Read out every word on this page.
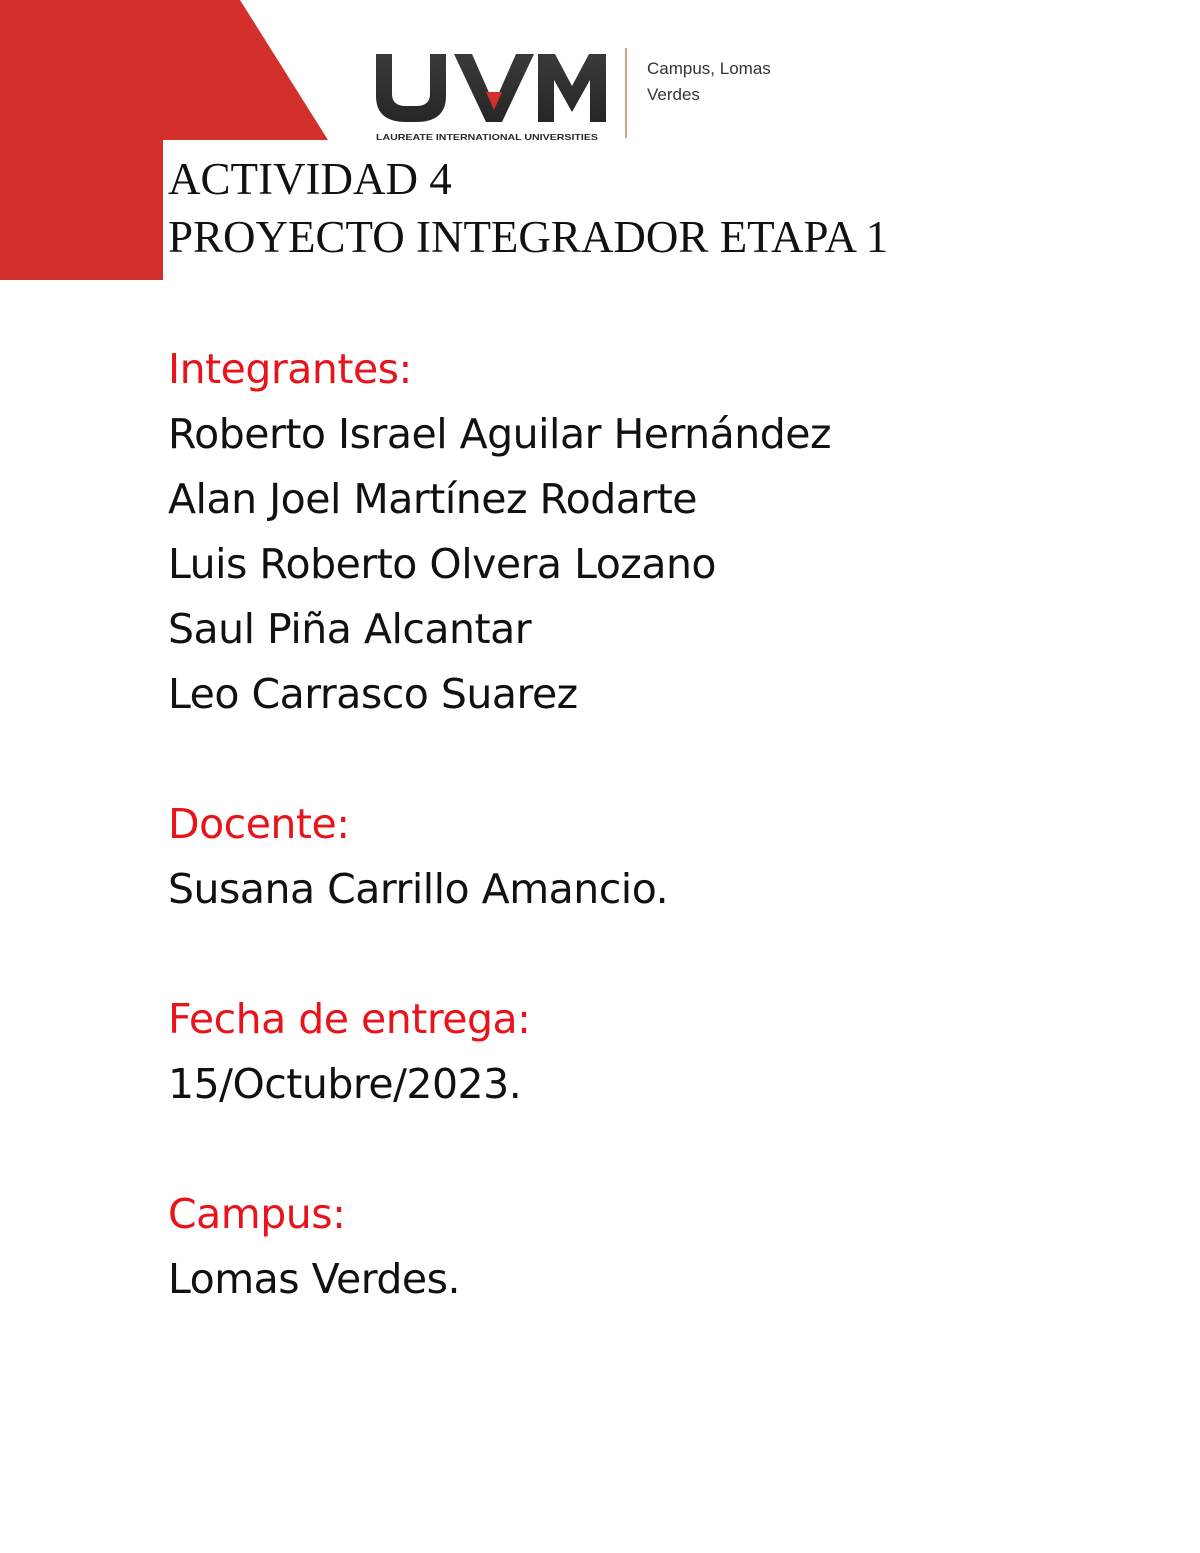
LAUREATE INTERNATIONAL UNIVERSITIES
Campus, Lomas
Verdes
ACTIVIDAD 4
PROYECTO INTEGRADOR ETAPA 1
Integrantes:
Roberto Israel Aguilar Hernández
Alan Joel Martínez Rodarte
Luis Roberto Olvera Lozano
Saul Piña Alcantar
Leo Carrasco Suarez
Docente:
Susana Carrillo Amancio.
Fecha de entrega:
15/Octubre/2023.
Campus:
Lomas Verdes.
